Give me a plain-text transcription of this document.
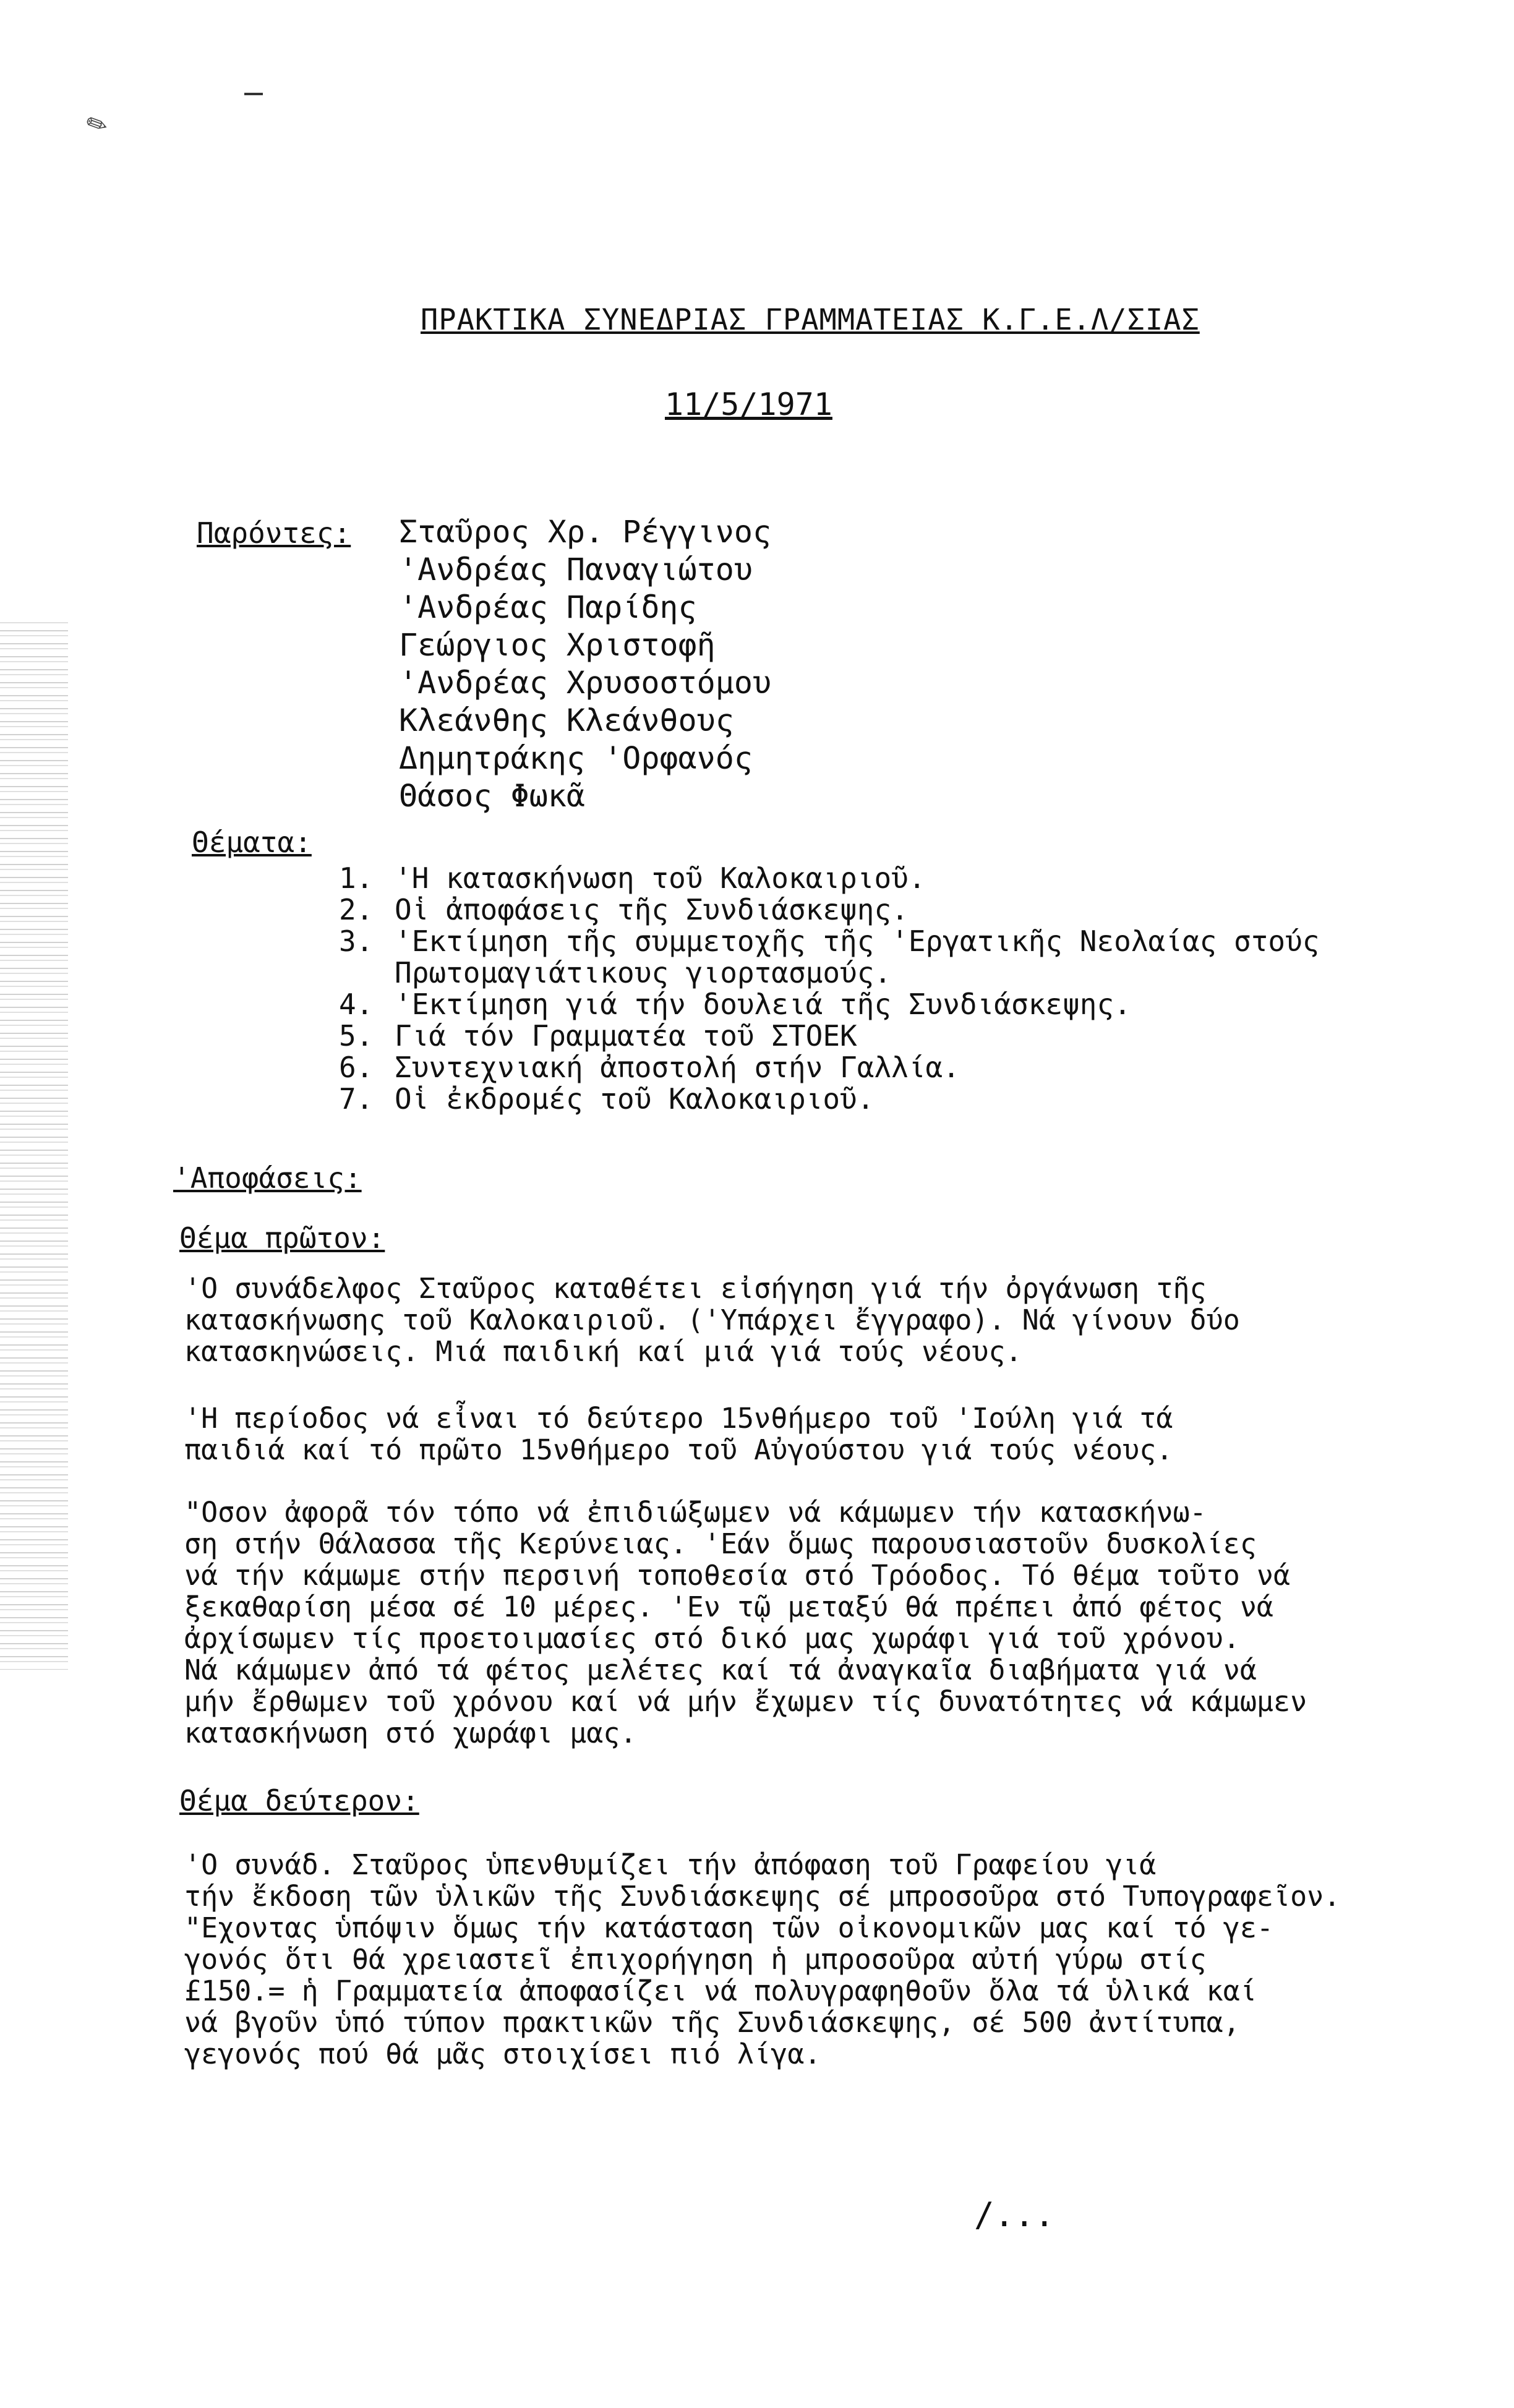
✎
ΠΡΑΚΤΙΚΑ ΣΥΝΕΔΡΙΑΣ ΓΡΑΜΜΑΤΕΙΑΣ Κ.Γ.Ε.Λ/ΣΙΑΣ
11/5/1971
Παρόντες: Σταῦρος Χρ. Ρέγγινος
'Ανδρέας Παναγιώτου
'Ανδρέας Παρίδης
Γεώργιος Χριστοφῆ
'Ανδρέας Χρυσοστόμου
Κλεάνθης Κλεάνθους
Δημητράκης 'Ορφανός
Θάσος Φωκᾶ
Θέματα:
1. 'Η κατασκήνωση τοῦ Καλοκαιριοῦ.
2. Οἱ ἀποφάσεις τῆς Συνδιάσκεψης.
3. 'Εκτίμηση τῆς συμμετοχῆς τῆς 'Εργατικῆς Νεολαίας στούς
Πρωτομαγιάτικους γιορτασμούς.
4. 'Εκτίμηση γιά τήν δουλειά τῆς Συνδιάσκεψης.
5. Γιά τόν Γραμματέα τοῦ ΣΤΟΕΚ
6. Συντεχνιακή ἀποστολή στήν Γαλλία.
7. Οἱ ἐκδρομές τοῦ Καλοκαιριοῦ.
'Αποφάσεις:
Θέμα πρῶτον:
'Ο συνάδελφος Σταῦρος καταθέτει εἰσήγηση γιά τήν ὀργάνωση τῆς
κατασκήνωσης τοῦ Καλοκαιριοῦ. ('Υπάρχει ἔγγραφο). Νά γίνουν δύο
κατασκηνώσεις. Μιά παιδική καί μιά γιά τούς νέους.
'Η περίοδος νά εἶναι τό δεύτερο 15νθήμερο τοῦ 'Ιούλη γιά τά
παιδιά καί τό πρῶτο 15νθήμερο τοῦ Αὐγούστου γιά τούς νέους.
"Οσον ἀφορᾶ τόν τόπο νά ἐπιδιώξωμεν νά κάμωμεν τήν κατασκήνω-
ση στήν Θάλασσα τῆς Κερύνειας. 'Εάν ὅμως παρουσιαστοῦν δυσκολίες
νά τήν κάμωμε στήν περσινή τοποθεσία στό Τρόοδος. Τό θέμα τοῦτο νά
ξεκαθαρίση μέσα σέ 10 μέρες. 'Εν τῷ μεταξύ θά πρέπει ἀπό φέτος νά
ἀρχίσωμεν τίς προετοιμασίες στό δικό μας χωράφι γιά τοῦ χρόνου.
Νά κάμωμεν ἀπό τά φέτος μελέτες καί τά ἀναγκαῖα διαβήματα γιά νά
μήν ἔρθωμεν τοῦ χρόνου καί νά μήν ἔχωμεν τίς δυνατότητες νά κάμωμεν
κατασκήνωση στό χωράφι μας.
Θέμα δεύτερον:
'Ο συνάδ. Σταῦρος ὑπενθυμίζει τήν ἀπόφαση τοῦ Γραφείου γιά
τήν ἔκδοση τῶν ὑλικῶν τῆς Συνδιάσκεψης σέ μπροσοῦρα στό Τυπογραφεῖον.
"Εχοντας ὑπόψιν ὅμως τήν κατάσταση τῶν οἰκονομικῶν μας καί τό γε-
γονός ὅτι θά χρειαστεῖ ἐπιχορήγηση ἡ μπροσοῦρα αὐτή γύρω στίς
£150.= ἡ Γραμματεία ἀποφασίζει νά πολυγραφηθοῦν ὅλα τά ὑλικά καί
νά βγοῦν ὑπό τύπον πρακτικῶν τῆς Συνδιάσκεψης, σέ 500 ἀντίτυπα,
γεγονός πού θά μᾶς στοιχίσει πιό λίγα.
/...
